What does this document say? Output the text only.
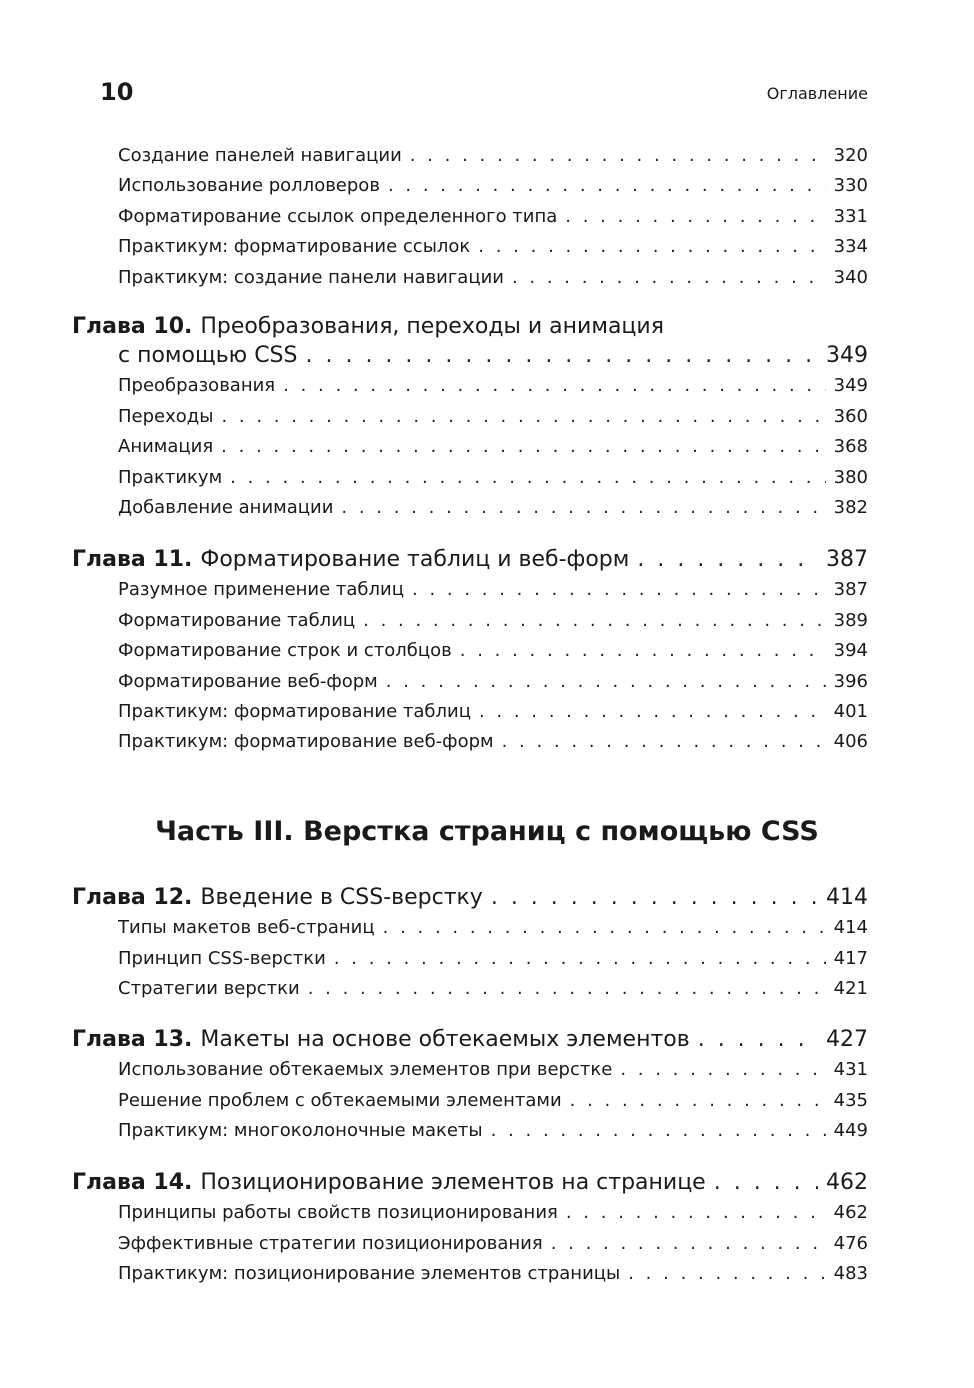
10	Оглавление
Создание панелей навигации . . .	320
Использование ролловеров . . .	330
Форматирование ссылок определенного типа . . .	331
Практикум: форматирование ссылок . . .	334
Практикум: создание панели навигации . . .	340
Глава 10. Преобразования, переходы и анимация
с помощью CSS . . .	349
Преобразования . . .	349
Переходы . . .	360
Анимация . . .	368
Практикум . . .	380
Добавление анимации . . .	382
Глава 11. Форматирование таблиц и веб-форм . . .	387
Разумное применение таблиц . . .	387
Форматирование таблиц . . .	389
Форматирование строк и столбцов . . .	394
Форматирование веб-форм . . .	396
Практикум: форматирование таблиц . . .	401
Практикум: форматирование веб-форм . . .	406
Часть III. Верстка страниц с помощью CSS
Глава 12. Введение в CSS-верстку . . .	414
Типы макетов веб-страниц . . .	414
Принцип CSS-верстки . . .	417
Стратегии верстки . . .	421
Глава 13. Макеты на основе обтекаемых элементов . . .	427
Использование обтекаемых элементов при верстке . . .	431
Решение проблем с обтекаемыми элементами . . .	435
Практикум: многоколоночные макеты . . .	449
Глава 14. Позиционирование элементов на странице . . .	462
Принципы работы свойств позиционирования . . .	462
Эффективные стратегии позиционирования . . .	476
Практикум: позиционирование элементов страницы . . .	483
